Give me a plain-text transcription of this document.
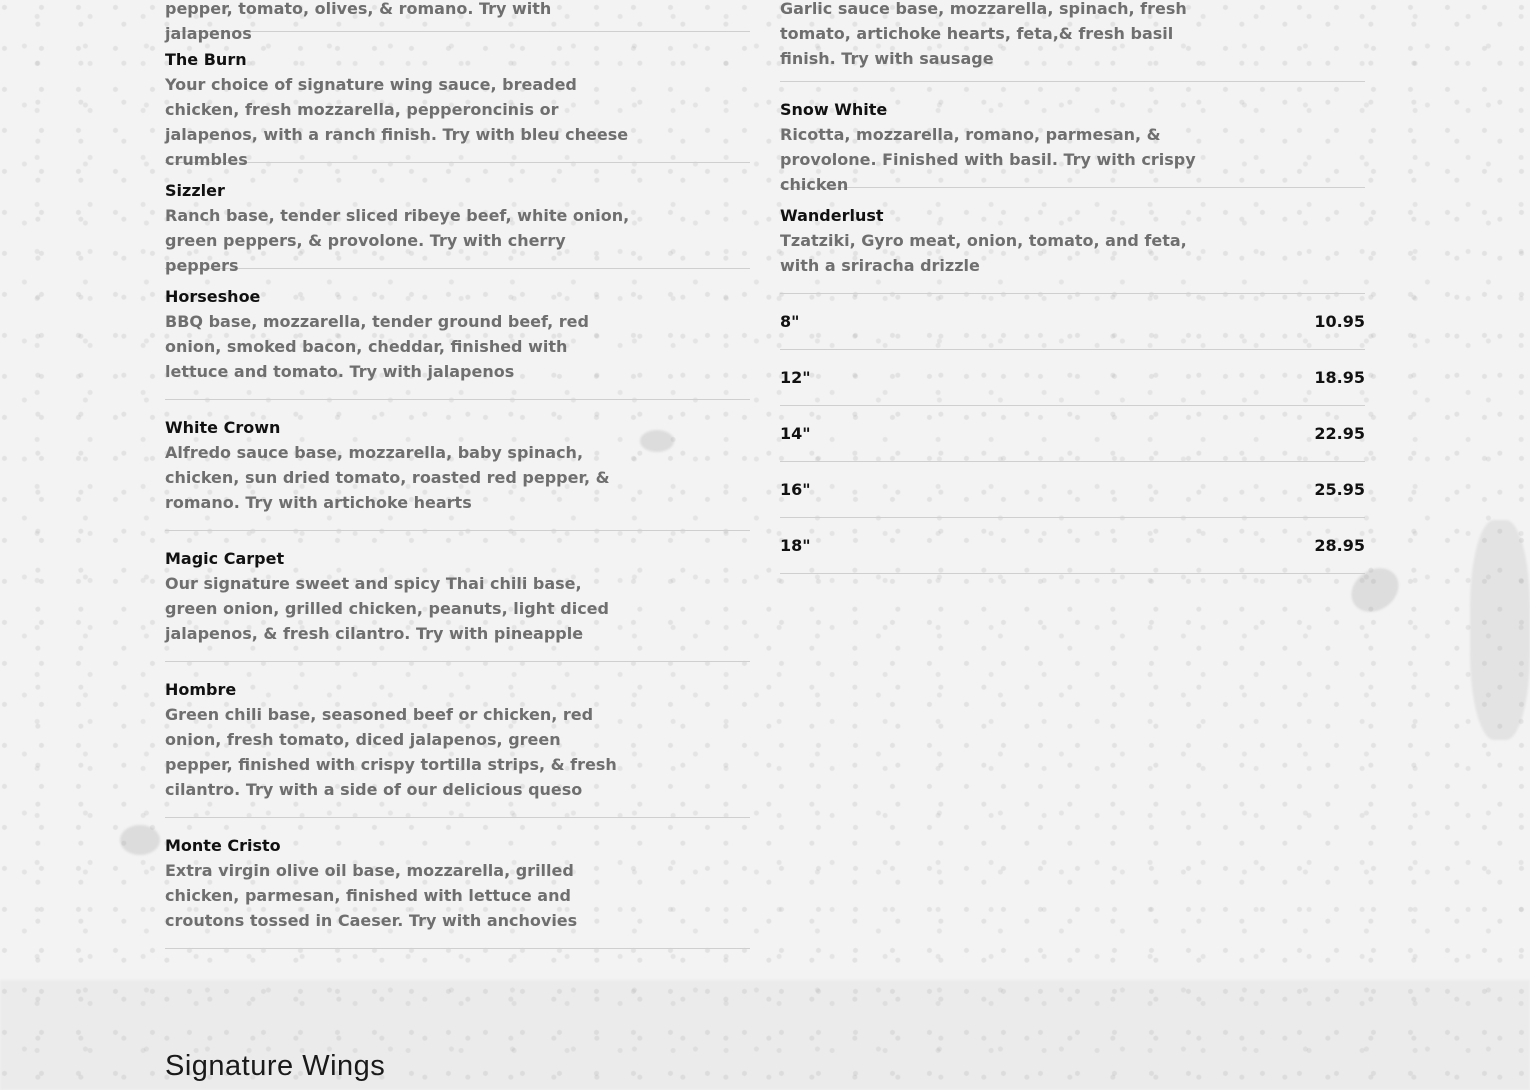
pepper, tomato, olives, & romano. Try with jalapenos
The Burn
Your choice of signature wing sauce, breaded chicken, fresh mozzarella, pepperoncinis or jalapenos, with a ranch finish. Try with bleu cheese crumbles
Sizzler
Ranch base, tender sliced ribeye beef, white onion, green peppers, & provolone. Try with cherry peppers
Horseshoe
BBQ base, mozzarella, tender ground beef, red onion, smoked bacon, cheddar, finished with lettuce and tomato. Try with jalapenos
White Crown
Alfredo sauce base, mozzarella, baby spinach, chicken, sun dried tomato, roasted red pepper, & romano. Try with artichoke hearts
Magic Carpet
Our signature sweet and spicy Thai chili base, green onion, grilled chicken, peanuts, light diced jalapenos, & fresh cilantro. Try with pineapple
Hombre
Green chili base, seasoned beef or chicken, red onion, fresh tomato, diced jalapenos, green pepper, finished with crispy tortilla strips, & fresh cilantro. Try with a side of our delicious queso
Monte Cristo
Extra virgin olive oil base, mozzarella, grilled chicken, parmesan, finished with lettuce and croutons tossed in Caeser. Try with anchovies
Garlic sauce base, mozzarella, spinach, fresh tomato, artichoke hearts, feta,& fresh basil finish. Try with sausage
Snow White
Ricotta, mozzarella, romano, parmesan, & provolone. Finished with basil. Try with crispy chicken
Wanderlust
Tzatziki, Gyro meat, onion, tomato, and feta, with a sriracha drizzle
8"	10.95
12"	18.95
14"	22.95
16"	25.95
18"	28.95
Signature Wings
